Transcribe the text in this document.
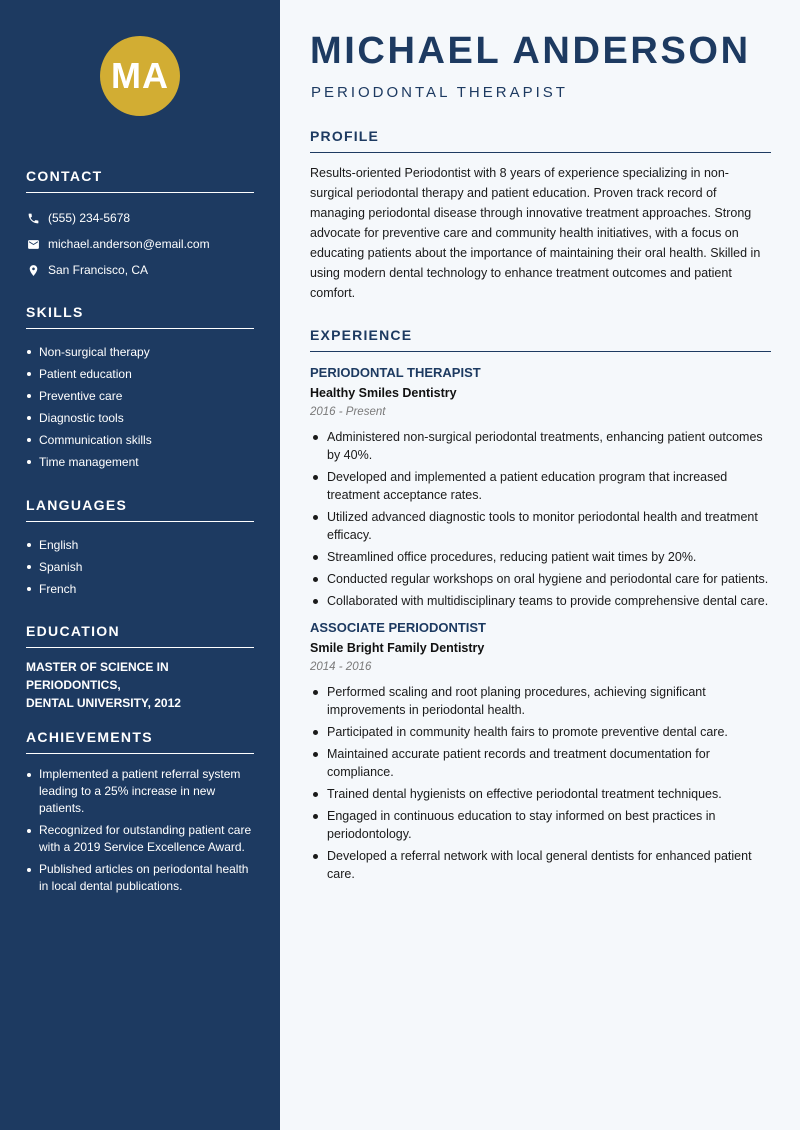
MA
CONTACT
(555) 234-5678
michael.anderson@email.com
San Francisco, CA
SKILLS
Non-surgical therapy
Patient education
Preventive care
Diagnostic tools
Communication skills
Time management
LANGUAGES
English
Spanish
French
EDUCATION
MASTER OF SCIENCE IN PERIODONTICS,
DENTAL UNIVERSITY, 2012
ACHIEVEMENTS
Implemented a patient referral system leading to a 25% increase in new patients.
Recognized for outstanding patient care with a 2019 Service Excellence Award.
Published articles on periodontal health in local dental publications.
MICHAEL ANDERSON
PERIODONTAL THERAPIST
PROFILE

Results-oriented Periodontist with 8 years of experience specializing in non-surgical periodontal therapy and patient education. Proven track record of managing periodontal disease through innovative treatment approaches. Strong advocate for preventive care and community health initiatives, with a focus on educating patients about the importance of maintaining their oral health. Skilled in using modern dental technology to enhance treatment outcomes and patient comfort.

EXPERIENCE
PERIODONTAL THERAPIST
Healthy Smiles Dentistry
2016 - Present
Administered non-surgical periodontal treatments, enhancing patient outcomes by 40%.
Developed and implemented a patient education program that increased treatment acceptance rates.
Utilized advanced diagnostic tools to monitor periodontal health and treatment efficacy.
Streamlined office procedures, reducing patient wait times by 20%.
Conducted regular workshops on oral hygiene and periodontal care for patients.
Collaborated with multidisciplinary teams to provide comprehensive dental care.
ASSOCIATE PERIODONTIST
Smile Bright Family Dentistry
2014 - 2016
Performed scaling and root planing procedures, achieving significant improvements in periodontal health.
Participated in community health fairs to promote preventive dental care.
Maintained accurate patient records and treatment documentation for compliance.
Trained dental hygienists on effective periodontal treatment techniques.
Engaged in continuous education to stay informed on best practices in periodontology.
Developed a referral network with local general dentists for enhanced patient care.
